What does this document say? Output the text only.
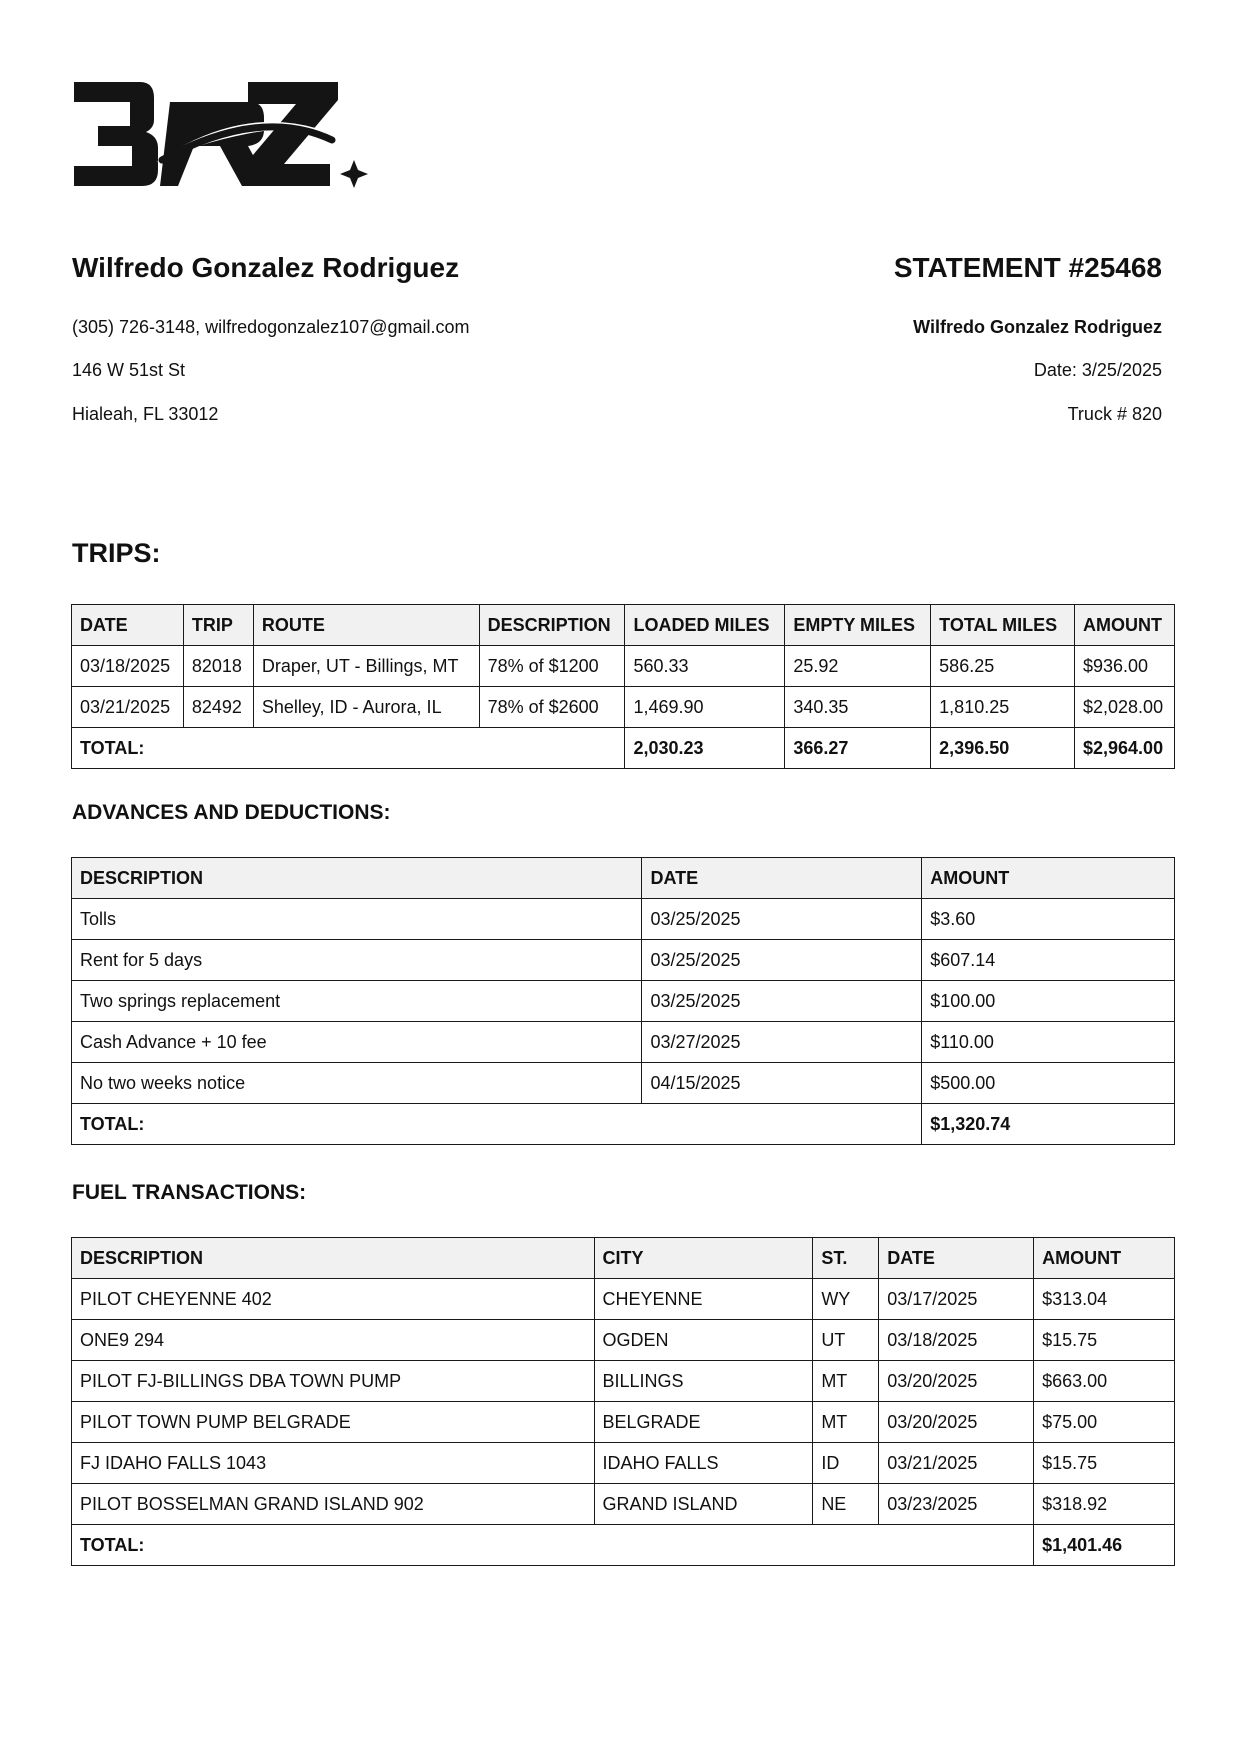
Wilfredo Gonzalez Rodriguez
(305) 726-3148, wilfredogonzalez107@gmail.com
146 W 51st St
Hialeah, FL 33012
STATEMENT #25468
Wilfredo Gonzalez Rodriguez
Date: 3/25/2025
Truck # 820
TRIPS:
DATE	TRIP	ROUTE	DESCRIPTION	LOADED MILES	EMPTY MILES	TOTAL MILES	AMOUNT
03/18/2025	82018	Draper, UT - Billings, MT	78% of $1200	560.33	25.92	586.25	$936.00
03/21/2025	82492	Shelley, ID - Aurora, IL	78% of $2600	1,469.90	340.35	1,810.25	$2,028.00
TOTAL:				2,030.23	366.27	2,396.50	$2,964.00
ADVANCES AND DEDUCTIONS:
DESCRIPTION	DATE	AMOUNT
Tolls	03/25/2025	$3.60
Rent for 5 days	03/25/2025	$607.14
Two springs replacement	03/25/2025	$100.00
Cash Advance + 10 fee	03/27/2025	$110.00
No two weeks notice	04/15/2025	$500.00
TOTAL:		$1,320.74
FUEL TRANSACTIONS:
DESCRIPTION	CITY	ST.	DATE	AMOUNT
PILOT CHEYENNE 402	CHEYENNE	WY	03/17/2025	$313.04
ONE9 294	OGDEN	UT	03/18/2025	$15.75
PILOT FJ-BILLINGS DBA TOWN PUMP	BILLINGS	MT	03/20/2025	$663.00
PILOT TOWN PUMP BELGRADE	BELGRADE	MT	03/20/2025	$75.00
FJ IDAHO FALLS 1043	IDAHO FALLS	ID	03/21/2025	$15.75
PILOT BOSSELMAN GRAND ISLAND 902	GRAND ISLAND	NE	03/23/2025	$318.92
TOTAL:				$1,401.46
